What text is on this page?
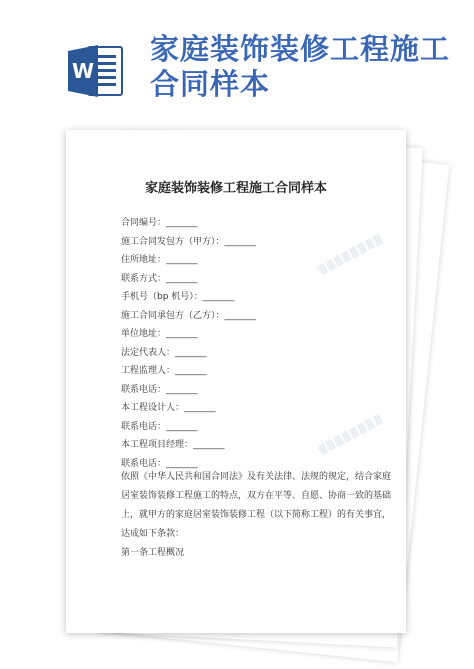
W
家庭装饰装修工程施工
合同样本
▒▒▒▒▒▒▒▒
▒▒▒▒▒▒▒▒
家庭装饰装修工程施工合同样本
合同编号：_______
施工合同发包方（甲方）：_______
住所地址：_______
联系方式：_______
手机号（bp 机号）：_______
施工合同承包方（乙方）：_______
单位地址：_______
法定代表人：_______
工程监理人：_______
联系电话：_______
本工程设计人：_______
联系电话：_______
本工程项目经理：_______
联系电话：_______
依照《中华人民共和国合同法》及有关法律、法规的规定，结合家庭
居室装饰装修工程施工的特点，双方在平等、自愿、协商一致的基础
上，就甲方的家庭居室装饰装修工程（以下简称工程）的有关事宜，
达成如下条款：
第一条工程概况
